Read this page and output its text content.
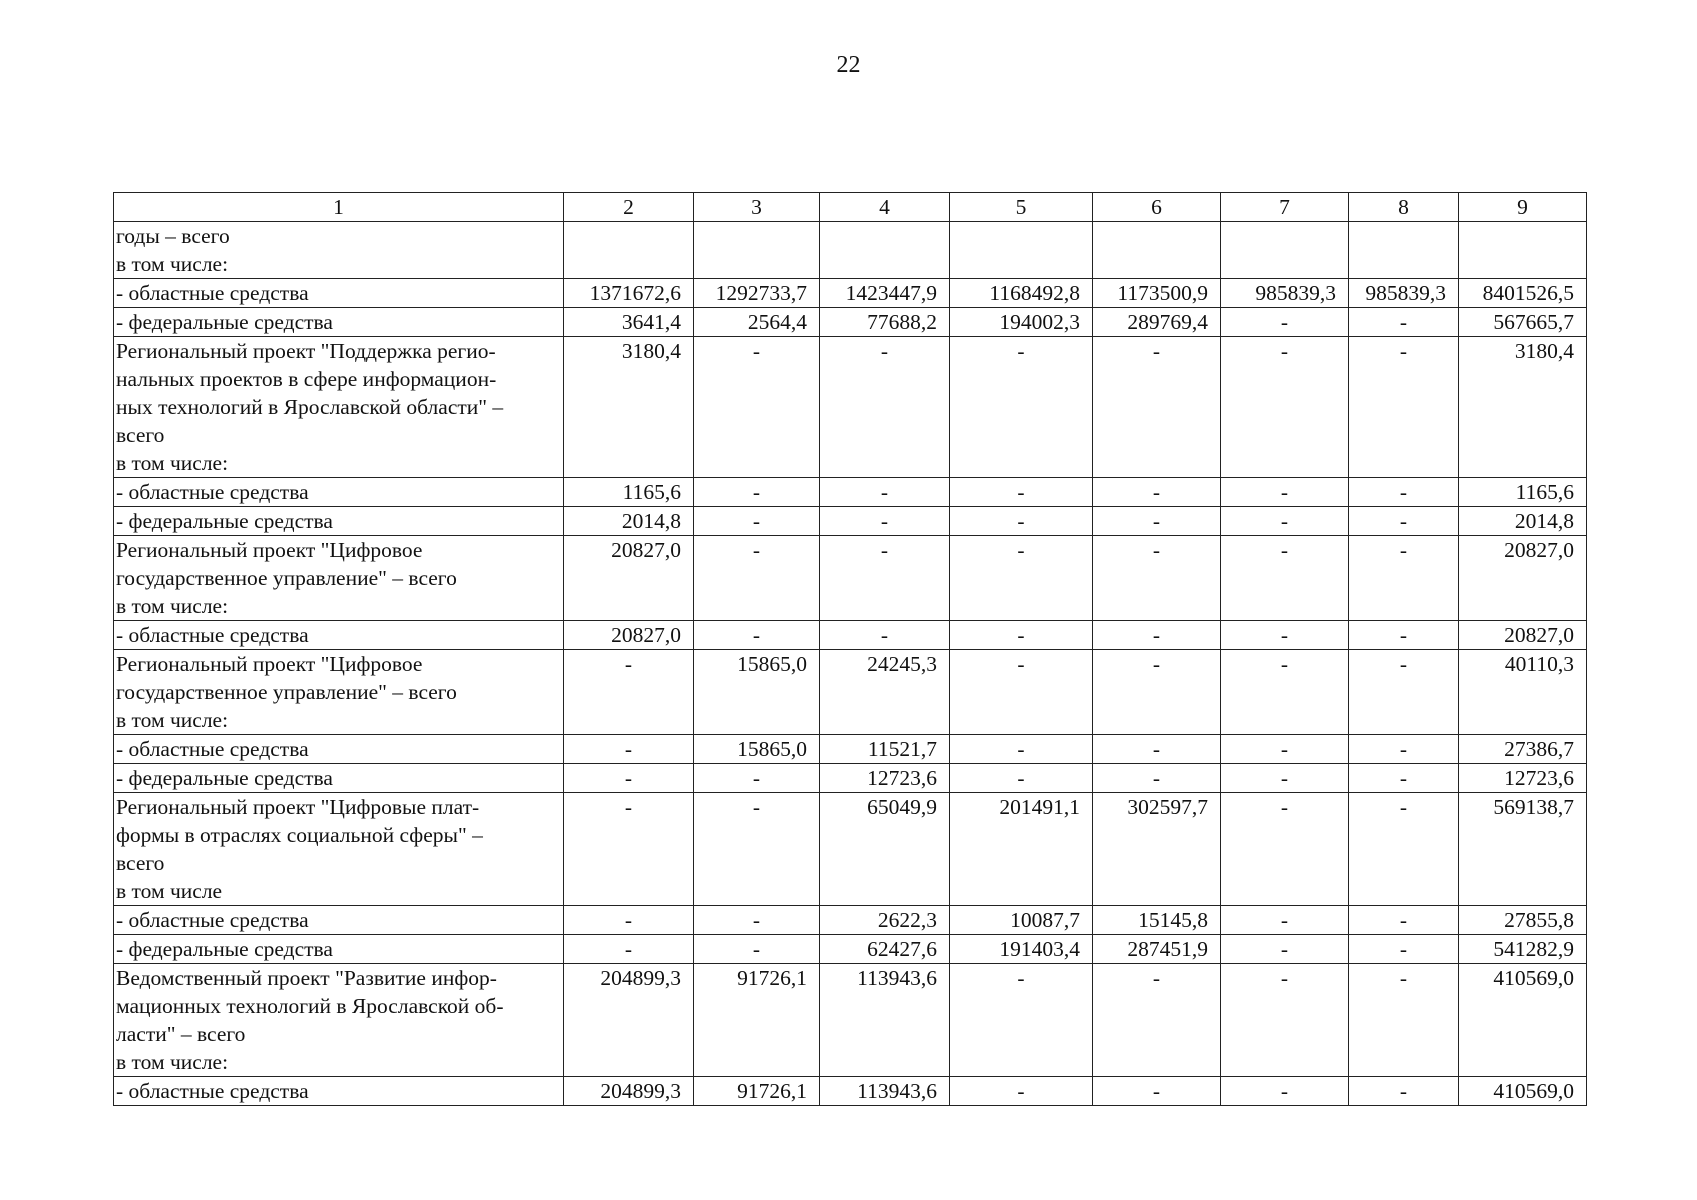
22
1	2	3	4	5	6	7	8	9

годы – всего
в том числе:								

- областные средства	1371672,6	1292733,7	1423447,9	1168492,8	1173500,9	985839,3	985839,3	8401526,5

- федеральные средства	3641,4	2564,4	77688,2	194002,3	289769,4	-	-	567665,7

Региональный проект "Поддержка регио-
нальных проектов в сфере информацион-
ных технологий в Ярославской области" –
всего
в том числе:	3180,4	-	-	-	-	-	-	3180,4

- областные средства	1165,6	-	-	-	-	-	-	1165,6

- федеральные средства	2014,8	-	-	-	-	-	-	2014,8

Региональный проект "Цифровое
государственное управление" – всего
в том числе:	20827,0	-	-	-	-	-	-	20827,0

- областные средства	20827,0	-	-	-	-	-	-	20827,0

Региональный проект "Цифровое
государственное управление" – всего
в том числе:	-	15865,0	24245,3	-	-	-	-	40110,3

- областные средства	-	15865,0	11521,7	-	-	-	-	27386,7

- федеральные средства	-	-	12723,6	-	-	-	-	12723,6

Региональный проект "Цифровые плат-
формы в отраслях социальной сферы" –
всего
в том числе	-	-	65049,9	201491,1	302597,7	-	-	569138,7

- областные средства	-	-	2622,3	10087,7	15145,8	-	-	27855,8

- федеральные средства	-	-	62427,6	191403,4	287451,9	-	-	541282,9

Ведомственный проект "Развитие инфор-
мационных технологий в Ярославской об-
ласти" – всего
в том числе:	204899,3	91726,1	113943,6	-	-	-	-	410569,0

- областные средства	204899,3	91726,1	113943,6	-	-	-	-	410569,0
